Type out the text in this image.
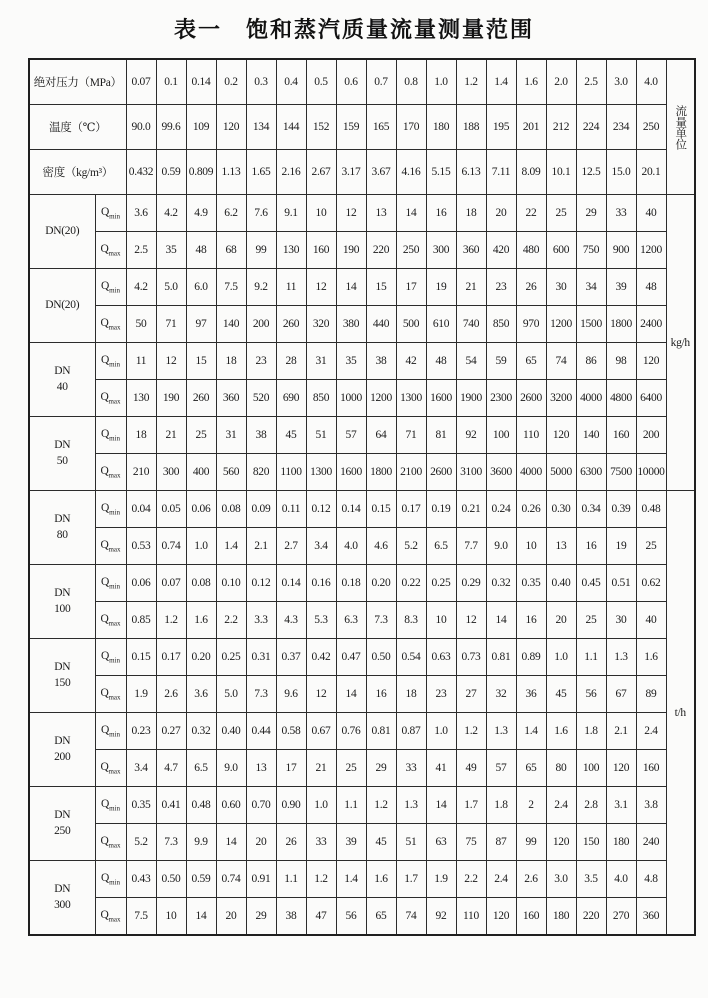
表一　饱和蒸汽质量流量测量范围
绝对压力（MPa）		0.07	0.1	0.14	0.2	0.3	0.4	0.5	0.6	0.7	0.8	1.0	1.2	1.4	1.6	2.0	2.5	3.0	4.0	流量单位
温度（℃）		90.0	99.6	109	120	134	144	152	159	165	170	180	188	195	201	212	224	234	250	
密度（kg/m³）		0.432	0.59	0.809	1.13	1.65	2.16	2.67	3.17	3.67	4.16	5.15	6.13	7.11	8.09	10.1	12.5	15.0	20.1	

DN(20)	$Q_{min}$	3.6	4.2	4.9	6.2	7.6	9.1	10	12	13	14	16	18	20	22	25	29	33	40	kg/h
	$Q_{max}$	2.5	35	48	68	99	130	160	190	220	250	300	360	420	480	600	750	900	1200	

DN(20)	$Q_{min}$	4.2	5.0	6.0	7.5	9.2	11	12	14	15	17	19	21	23	26	30	34	39	48	
	$Q_{max}$	50	71	97	140	200	260	320	380	440	500	610	740	850	970	1200	1500	1800	2400	

DN
40	$Q_{min}$	11	12	15	18	23	28	31	35	38	42	48	54	59	65	74	86	98	120	
	$Q_{max}$	130	190	260	360	520	690	850	1000	1200	1300	1600	1900	2300	2600	3200	4000	4800	6400	

DN
50	$Q_{min}$	18	21	25	31	38	45	51	57	64	71	81	92	100	110	120	140	160	200	
	$Q_{max}$	210	300	400	560	820	1100	1300	1600	1800	2100	2600	3100	3600	4000	5000	6300	7500	10000	

DN
80	$Q_{min}$	0.04	0.05	0.06	0.08	0.09	0.11	0.12	0.14	0.15	0.17	0.19	0.21	0.24	0.26	0.30	0.34	0.39	0.48	t/h
	$Q_{max}$	0.53	0.74	1.0	1.4	2.1	2.7	3.4	4.0	4.6	5.2	6.5	7.7	9.0	10	13	16	19	25	

DN
100	$Q_{min}$	0.06	0.07	0.08	0.10	0.12	0.14	0.16	0.18	0.20	0.22	0.25	0.29	0.32	0.35	0.40	0.45	0.51	0.62	
	$Q_{max}$	0.85	1.2	1.6	2.2	3.3	4.3	5.3	6.3	7.3	8.3	10	12	14	16	20	25	30	40	

DN
150	$Q_{min}$	0.15	0.17	0.20	0.25	0.31	0.37	0.42	0.47	0.50	0.54	0.63	0.73	0.81	0.89	1.0	1.1	1.3	1.6	
	$Q_{max}$	1.9	2.6	3.6	5.0	7.3	9.6	12	14	16	18	23	27	32	36	45	56	67	89	

DN
200	$Q_{min}$	0.23	0.27	0.32	0.40	0.44	0.58	0.67	0.76	0.81	0.87	1.0	1.2	1.3	1.4	1.6	1.8	2.1	2.4	
	$Q_{max}$	3.4	4.7	6.5	9.0	13	17	21	25	29	33	41	49	57	65	80	100	120	160	

DN
250	$Q_{min}$	0.35	0.41	0.48	0.60	0.70	0.90	1.0	1.1	1.2	1.3	14	1.7	1.8	2	2.4	2.8	3.1	3.8	
	$Q_{max}$	5.2	7.3	9.9	14	20	26	33	39	45	51	63	75	87	99	120	150	180	240	

DN
300	$Q_{min}$	0.43	0.50	0.59	0.74	0.91	1.1	1.2	1.4	1.6	1.7	1.9	2.2	2.4	2.6	3.0	3.5	4.0	4.8	
	$Q_{max}$	7.5	10	14	20	29	38	47	56	65	74	92	110	120	160	180	220	270	360	
